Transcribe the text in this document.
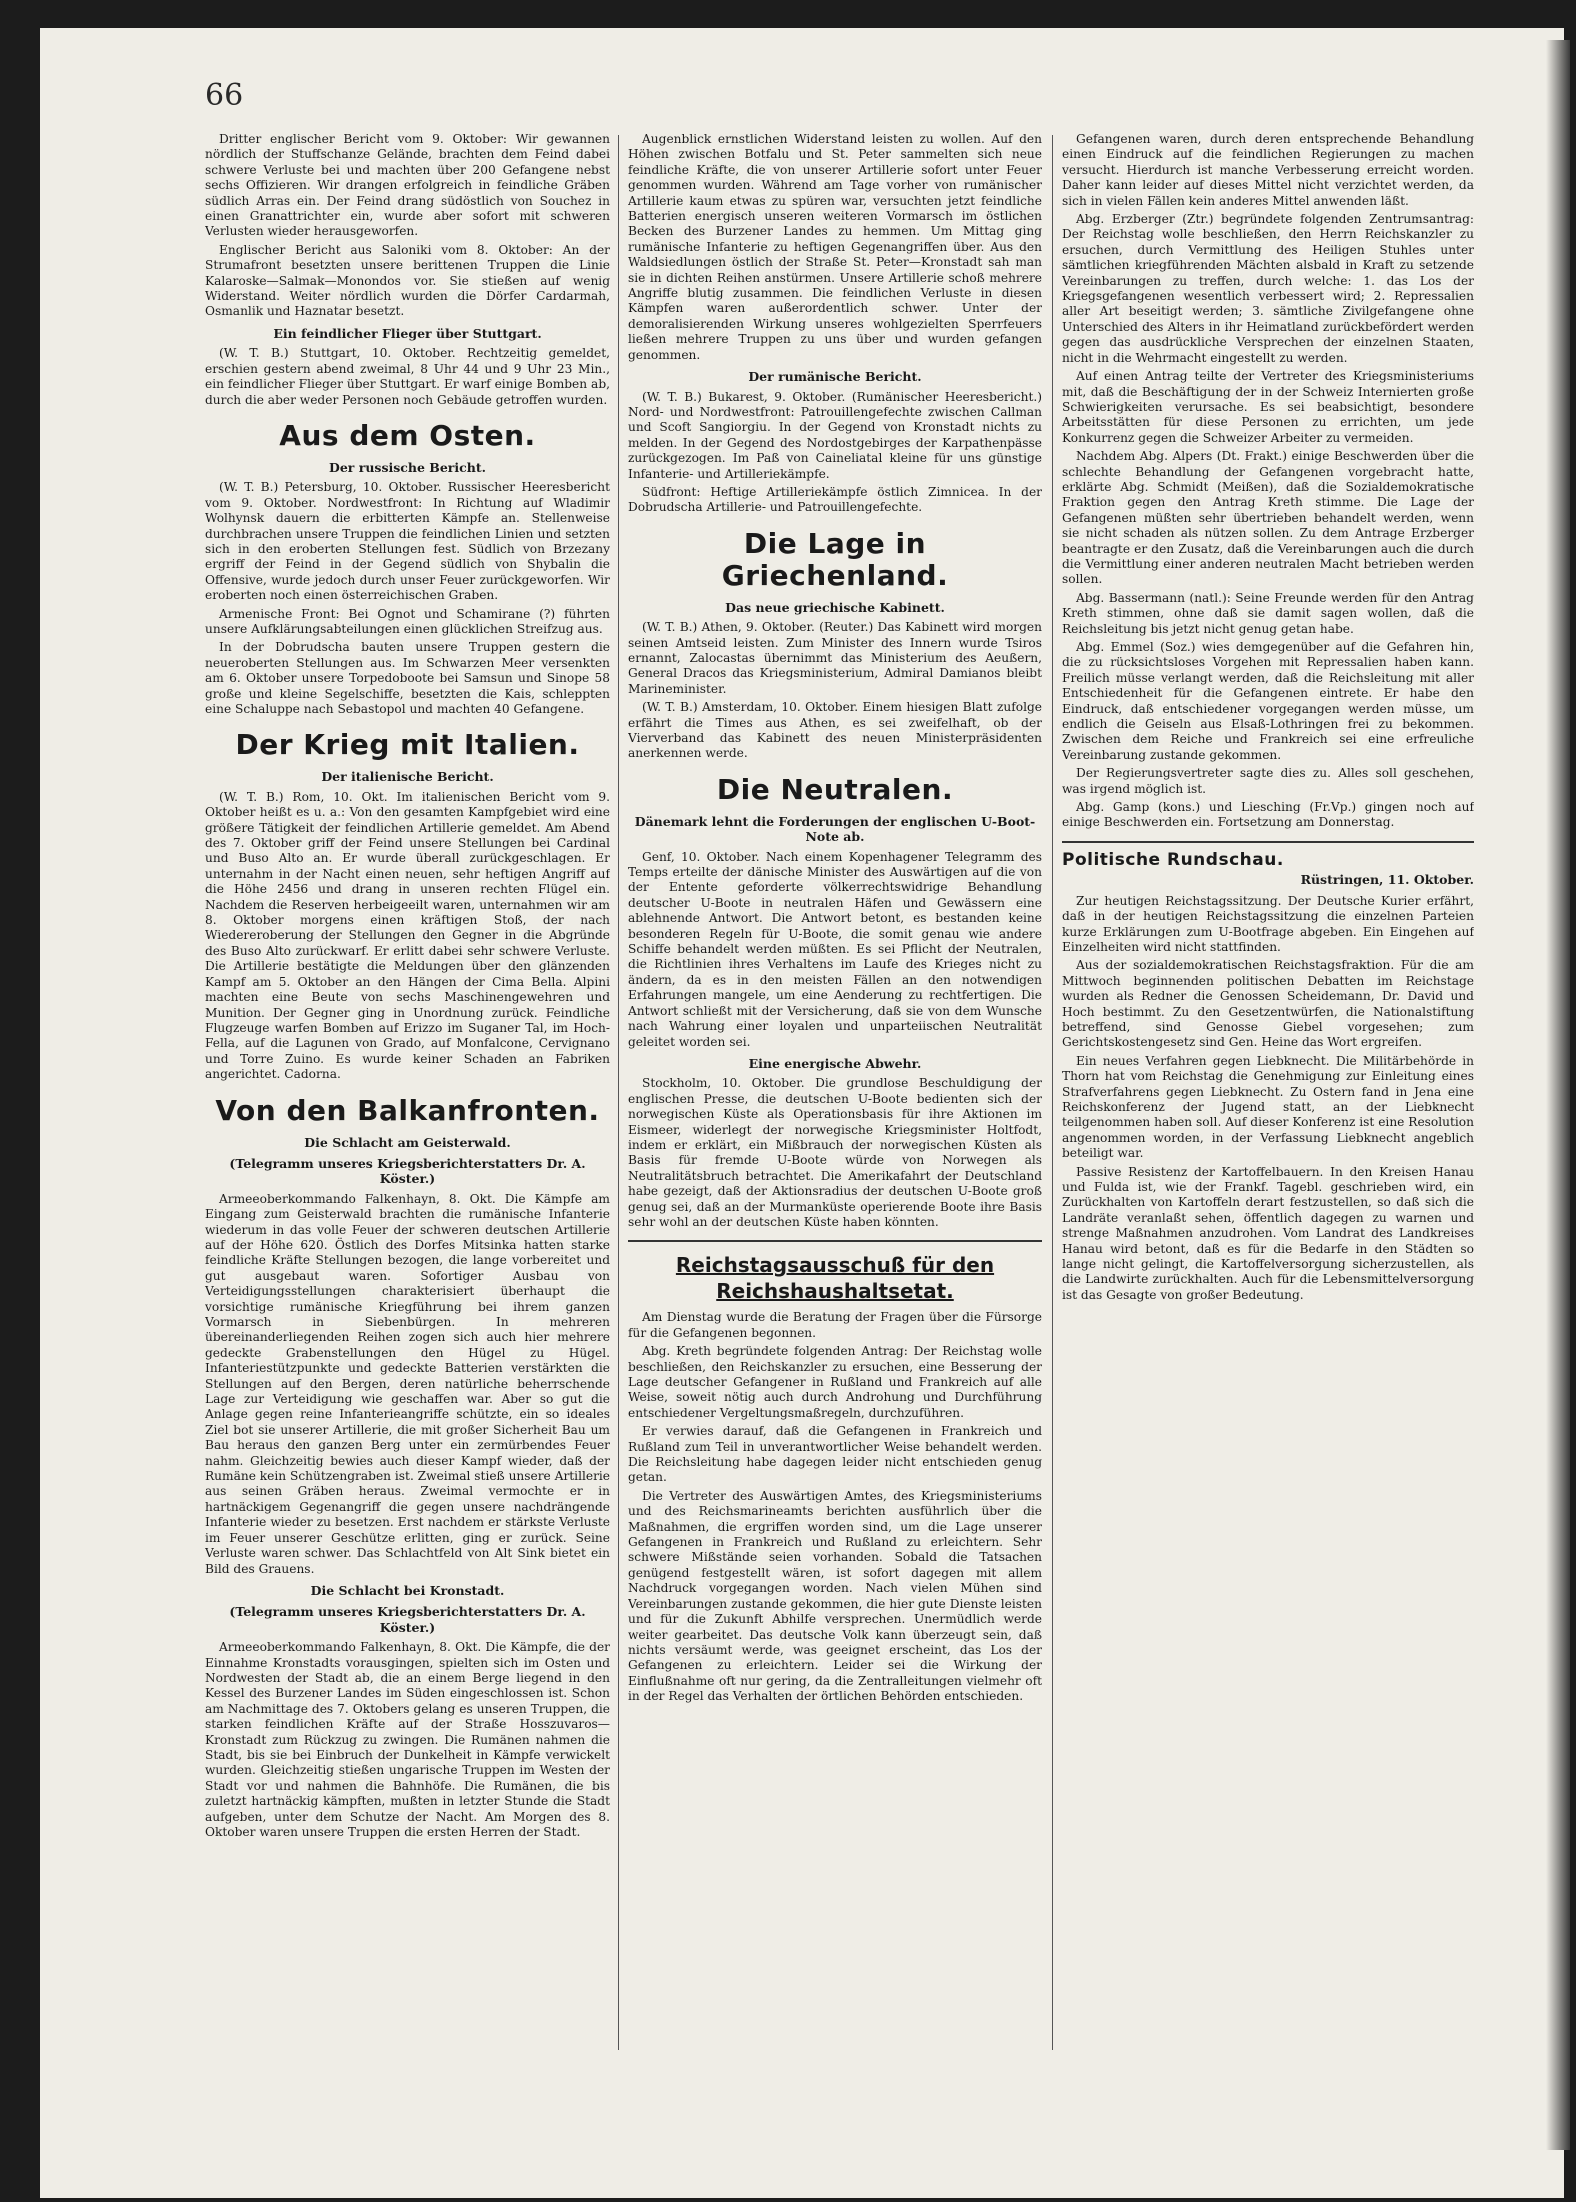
66

Dritter englischer Bericht vom 9. Oktober: Wir gewannen nördlich der Stuffschanze Gelände, brachten dem Feind dabei schwere Verluste bei und machten über 200 Gefangene nebst sechs Offizieren. Wir drangen erfolgreich in feindliche Gräben südlich Arras ein. Der Feind drang südöstlich von Souchez in einen Granattrichter ein, wurde aber sofort mit schweren Verlusten wieder herausgeworfen.

Englischer Bericht aus Saloniki vom 8. Oktober: An der Strumafront besetzten unsere berittenen Truppen die Linie Kalaroske—Salmak—Monondos vor. Sie stießen auf wenig Widerstand. Weiter nördlich wurden die Dörfer Cardarmah, Osmanlik und Haznatar besetzt.

Ein feindlicher Flieger über Stuttgart.

(W. T. B.) Stuttgart, 10. Oktober. Rechtzeitig gemeldet, erschien gestern abend zweimal, 8 Uhr 44 und 9 Uhr 23 Min., ein feindlicher Flieger über Stuttgart. Er warf einige Bomben ab, durch die aber weder Personen noch Gebäude getroffen wurden.

Aus dem Osten.
Der russische Bericht.

(W. T. B.) Petersburg, 10. Oktober. Russischer Heeresbericht vom 9. Oktober. Nordwestfront: In Richtung auf Wladimir Wolhynsk dauern die erbitterten Kämpfe an. Stellenweise durchbrachen unsere Truppen die feindlichen Linien und setzten sich in den eroberten Stellungen fest. Südlich von Brzezany ergriff der Feind in der Gegend südlich von Shybalin die Offensive, wurde jedoch durch unser Feuer zurückgeworfen. Wir eroberten noch einen österreichischen Graben.

Armenische Front: Bei Ognot und Schamirane (?) führten unsere Aufklärungsabteilungen einen glücklichen Streifzug aus.

In der Dobrudscha bauten unsere Truppen gestern die neueroberten Stellungen aus. Im Schwarzen Meer versenkten am 6. Oktober unsere Torpedoboote bei Samsun und Sinope 58 große und kleine Segelschiffe, besetzten die Kais, schleppten eine Schaluppe nach Sebastopol und machten 40 Gefangene.

Der Krieg mit Italien.
Der italienische Bericht.

(W. T. B.) Rom, 10. Okt. Im italienischen Bericht vom 9. Oktober heißt es u. a.: Von den gesamten Kampfgebiet wird eine größere Tätigkeit der feindlichen Artillerie gemeldet. Am Abend des 7. Oktober griff der Feind unsere Stellungen bei Cardinal und Buso Alto an. Er wurde überall zurückgeschlagen. Er unternahm in der Nacht einen neuen, sehr heftigen Angriff auf die Höhe 2456 und drang in unseren rechten Flügel ein. Nachdem die Reserven herbeigeeilt waren, unternahmen wir am 8. Oktober morgens einen kräftigen Stoß, der nach Wiedereroberung der Stellungen den Gegner in die Abgründe des Buso Alto zurückwarf. Er erlitt dabei sehr schwere Verluste. Die Artillerie bestätigte die Meldungen über den glänzenden Kampf am 5. Oktober an den Hängen der Cima Bella. Alpini machten eine Beute von sechs Maschinengewehren und Munition. Der Gegner ging in Unordnung zurück. Feindliche Flugzeuge warfen Bomben auf Erizzo im Suganer Tal, im Hoch-Fella, auf die Lagunen von Grado, auf Monfalcone, Cervignano und Torre Zuino. Es wurde keiner Schaden an Fabriken angerichtet. Cadorna.

Von den Balkanfronten.
Die Schlacht am Geisterwald.
(Telegramm unseres Kriegsberichterstatters Dr. A. Köster.)

Armeeoberkommando Falkenhayn, 8. Okt. Die Kämpfe am Eingang zum Geisterwald brachten die rumänische Infanterie wiederum in das volle Feuer der schweren deutschen Artillerie auf der Höhe 620. Östlich des Dorfes Mitsinka hatten starke feindliche Kräfte Stellungen bezogen, die lange vorbereitet und gut ausgebaut waren. Sofortiger Ausbau von Verteidigungsstellungen charakterisiert überhaupt die vorsichtige rumänische Kriegführung bei ihrem ganzen Vormarsch in Siebenbürgen. In mehreren übereinanderliegenden Reihen zogen sich auch hier mehrere gedeckte Grabenstellungen den Hügel zu Hügel. Infanteriestützpunkte und gedeckte Batterien verstärkten die Stellungen auf den Bergen, deren natürliche beherrschende Lage zur Verteidigung wie geschaffen war. Aber so gut die Anlage gegen reine Infanterieangriffe schützte, ein so ideales Ziel bot sie unserer Artillerie, die mit großer Sicherheit Bau um Bau heraus den ganzen Berg unter ein zermürbendes Feuer nahm. Gleichzeitig bewies auch dieser Kampf wieder, daß der Rumäne kein Schützengraben ist. Zweimal stieß unsere Artillerie aus seinen Gräben heraus. Zweimal vermochte er in hartnäckigem Gegenangriff die gegen unsere nachdrängende Infanterie wieder zu besetzen. Erst nachdem er stärkste Verluste im Feuer unserer Geschütze erlitten, ging er zurück. Seine Verluste waren schwer. Das Schlachtfeld von Alt Sink bietet ein Bild des Grauens.

Die Schlacht bei Kronstadt.
(Telegramm unseres Kriegsberichterstatters Dr. A. Köster.)

Armeeoberkommando Falkenhayn, 8. Okt. Die Kämpfe, die der Einnahme Kronstadts vorausgingen, spielten sich im Osten und Nordwesten der Stadt ab, die an einem Berge liegend in den Kessel des Burzener Landes im Süden eingeschlossen ist. Schon am Nachmittage des 7. Oktobers gelang es unseren Truppen, die starken feindlichen Kräfte auf der Straße Hosszuvaros—Kronstadt zum Rückzug zu zwingen. Die Rumänen nahmen die Stadt, bis sie bei Einbruch der Dunkelheit in Kämpfe verwickelt wurden. Gleichzeitig stießen ungarische Truppen im Westen der Stadt vor und nahmen die Bahnhöfe. Die Rumänen, die bis zuletzt hartnäckig kämpften, mußten in letzter Stunde die Stadt aufgeben, unter dem Schutze der Nacht. Am Morgen des 8. Oktober waren unsere Truppen die ersten Herren der Stadt.

Augenblick ernstlichen Widerstand leisten zu wollen. Auf den Höhen zwischen Botfalu und St. Peter sammelten sich neue feindliche Kräfte, die von unserer Artillerie sofort unter Feuer genommen wurden. Während am Tage vorher von rumänischer Artillerie kaum etwas zu spüren war, versuchten jetzt feindliche Batterien energisch unseren weiteren Vormarsch im östlichen Becken des Burzener Landes zu hemmen. Um Mittag ging rumänische Infanterie zu heftigen Gegenangriffen über. Aus den Waldsiedlungen östlich der Straße St. Peter—Kronstadt sah man sie in dichten Reihen anstürmen. Unsere Artillerie schoß mehrere Angriffe blutig zusammen. Die feindlichen Verluste in diesen Kämpfen waren außerordentlich schwer. Unter der demoralisierenden Wirkung unseres wohlgezielten Sperrfeuers ließen mehrere Truppen zu uns über und wurden gefangen genommen.

Der rumänische Bericht.

(W. T. B.) Bukarest, 9. Oktober. (Rumänischer Heeresbericht.) Nord- und Nordwestfront: Patrouillengefechte zwischen Callman und Scoft Sangiorgiu. In der Gegend von Kronstadt nichts zu melden. In der Gegend des Nordostgebirges der Karpathenpässe zurückgezogen. Im Paß von Caineliatal kleine für uns günstige Infanterie- und Artilleriekämpfe.

Südfront: Heftige Artilleriekämpfe östlich Zimnicea. In der Dobrudscha Artillerie- und Patrouillengefechte.

Die Lage in Griechenland.
Das neue griechische Kabinett.

(W. T. B.) Athen, 9. Oktober. (Reuter.) Das Kabinett wird morgen seinen Amtseid leisten. Zum Minister des Innern wurde Tsiros ernannt, Zalocastas übernimmt das Ministerium des Aeußern, General Dracos das Kriegsministerium, Admiral Damianos bleibt Marineminister.

(W. T. B.) Amsterdam, 10. Oktober. Einem hiesigen Blatt zufolge erfährt die Times aus Athen, es sei zweifelhaft, ob der Vierverband das Kabinett des neuen Ministerpräsidenten anerkennen werde.

Die Neutralen.
Dänemark lehnt die Forderungen der englischen U-Boot-Note ab.

Genf, 10. Oktober. Nach einem Kopenhagener Telegramm des Temps erteilte der dänische Minister des Auswärtigen auf die von der Entente geforderte völkerrechtswidrige Behandlung deutscher U-Boote in neutralen Häfen und Gewässern eine ablehnende Antwort. Die Antwort betont, es bestanden keine besonderen Regeln für U-Boote, die somit genau wie andere Schiffe behandelt werden müßten. Es sei Pflicht der Neutralen, die Richtlinien ihres Verhaltens im Laufe des Krieges nicht zu ändern, da es in den meisten Fällen an den notwendigen Erfahrungen mangele, um eine Aenderung zu rechtfertigen. Die Antwort schließt mit der Versicherung, daß sie von dem Wunsche nach Wahrung einer loyalen und unparteiischen Neutralität geleitet worden sei.

Eine energische Abwehr.

Stockholm, 10. Oktober. Die grundlose Beschuldigung der englischen Presse, die deutschen U-Boote bedienten sich der norwegischen Küste als Operationsbasis für ihre Aktionen im Eismeer, widerlegt der norwegische Kriegsminister Holtfodt, indem er erklärt, ein Mißbrauch der norwegischen Küsten als Basis für fremde U-Boote würde von Norwegen als Neutralitätsbruch betrachtet. Die Amerikafahrt der Deutschland habe gezeigt, daß der Aktionsradius der deutschen U-Boote groß genug sei, daß an der Murmanküste operierende Boote ihre Basis sehr wohl an der deutschen Küste haben könnten.

Reichstagsausschuß für den Reichshaushaltsetat.

Am Dienstag wurde die Beratung der Fragen über die Fürsorge für die Gefangenen begonnen.

Abg. Kreth begründete folgenden Antrag: Der Reichstag wolle beschließen, den Reichskanzler zu ersuchen, eine Besserung der Lage deutscher Gefangener in Rußland und Frankreich auf alle Weise, soweit nötig auch durch Androhung und Durchführung entschiedener Vergeltungsmaßregeln, durchzuführen.

Er verwies darauf, daß die Gefangenen in Frankreich und Rußland zum Teil in unverantwortlicher Weise behandelt werden. Die Reichsleitung habe dagegen leider nicht entschieden genug getan.

Die Vertreter des Auswärtigen Amtes, des Kriegsministeriums und des Reichsmarineamts berichten ausführlich über die Maßnahmen, die ergriffen worden sind, um die Lage unserer Gefangenen in Frankreich und Rußland zu erleichtern. Sehr schwere Mißstände seien vorhanden. Sobald die Tatsachen genügend festgestellt wären, ist sofort dagegen mit allem Nachdruck vorgegangen worden. Nach vielen Mühen sind Vereinbarungen zustande gekommen, die hier gute Dienste leisten und für die Zukunft Abhilfe versprechen. Unermüdlich werde weiter gearbeitet. Das deutsche Volk kann überzeugt sein, daß nichts versäumt werde, was geeignet erscheint, das Los der Gefangenen zu erleichtern. Leider sei die Wirkung der Einflußnahme oft nur gering, da die Zentralleitungen vielmehr oft in der Regel das Verhalten der örtlichen Behörden entschieden.

Gefangenen waren, durch deren entsprechende Behandlung einen Eindruck auf die feindlichen Regierungen zu machen versucht. Hierdurch ist manche Verbesserung erreicht worden. Daher kann leider auf dieses Mittel nicht verzichtet werden, da sich in vielen Fällen kein anderes Mittel anwenden läßt.

Abg. Erzberger (Ztr.) begründete folgenden Zentrumsantrag: Der Reichstag wolle beschließen, den Herrn Reichskanzler zu ersuchen, durch Vermittlung des Heiligen Stuhles unter sämtlichen kriegführenden Mächten alsbald in Kraft zu setzende Vereinbarungen zu treffen, durch welche: 1. das Los der Kriegsgefangenen wesentlich verbessert wird; 2. Repressalien aller Art beseitigt werden; 3. sämtliche Zivilgefangene ohne Unterschied des Alters in ihr Heimatland zurückbefördert werden gegen das ausdrückliche Versprechen der einzelnen Staaten, nicht in die Wehrmacht eingestellt zu werden.

Auf einen Antrag teilte der Vertreter des Kriegsministeriums mit, daß die Beschäftigung der in der Schweiz Internierten große Schwierigkeiten verursache. Es sei beabsichtigt, besondere Arbeitsstätten für diese Personen zu errichten, um jede Konkurrenz gegen die Schweizer Arbeiter zu vermeiden.

Nachdem Abg. Alpers (Dt. Frakt.) einige Beschwerden über die schlechte Behandlung der Gefangenen vorgebracht hatte, erklärte Abg. Schmidt (Meißen), daß die Sozialdemokratische Fraktion gegen den Antrag Kreth stimme. Die Lage der Gefangenen müßten sehr übertrieben behandelt werden, wenn sie nicht schaden als nützen sollen. Zu dem Antrage Erzberger beantragte er den Zusatz, daß die Vereinbarungen auch die durch die Vermittlung einer anderen neutralen Macht betrieben werden sollen.

Abg. Bassermann (natl.): Seine Freunde werden für den Antrag Kreth stimmen, ohne daß sie damit sagen wollen, daß die Reichsleitung bis jetzt nicht genug getan habe.

Abg. Emmel (Soz.) wies demgegenüber auf die Gefahren hin, die zu rücksichtsloses Vorgehen mit Repressalien haben kann. Freilich müsse verlangt werden, daß die Reichsleitung mit aller Entschiedenheit für die Gefangenen eintrete. Er habe den Eindruck, daß entschiedener vorgegangen werden müsse, um endlich die Geiseln aus Elsaß-Lothringen frei zu bekommen. Zwischen dem Reiche und Frankreich sei eine erfreuliche Vereinbarung zustande gekommen.

Der Regierungsvertreter sagte dies zu. Alles soll geschehen, was irgend möglich ist.

Abg. Gamp (kons.) und Liesching (Fr.Vp.) gingen noch auf einige Beschwerden ein. Fortsetzung am Donnerstag.

Politische Rundschau.
Rüstringen, 11. Oktober.

Zur heutigen Reichstagssitzung. Der Deutsche Kurier erfährt, daß in der heutigen Reichstagssitzung die einzelnen Parteien kurze Erklärungen zum U-Bootfrage abgeben. Ein Eingehen auf Einzelheiten wird nicht stattfinden.

Aus der sozialdemokratischen Reichstagsfraktion. Für die am Mittwoch beginnenden politischen Debatten im Reichstage wurden als Redner die Genossen Scheidemann, Dr. David und Hoch bestimmt. Zu den Gesetzentwürfen, die Nationalstiftung betreffend, sind Genosse Giebel vorgesehen; zum Gerichtskostengesetz sind Gen. Heine das Wort ergreifen.

Ein neues Verfahren gegen Liebknecht. Die Militärbehörde in Thorn hat vom Reichstag die Genehmigung zur Einleitung eines Strafverfahrens gegen Liebknecht. Zu Ostern fand in Jena eine Reichskonferenz der Jugend statt, an der Liebknecht teilgenommen haben soll. Auf dieser Konferenz ist eine Resolution angenommen worden, in der Verfassung Liebknecht angeblich beteiligt war.

Passive Resistenz der Kartoffelbauern. In den Kreisen Hanau und Fulda ist, wie der Frankf. Tagebl. geschrieben wird, ein Zurückhalten von Kartoffeln derart festzustellen, so daß sich die Landräte veranlaßt sehen, öffentlich dagegen zu warnen und strenge Maßnahmen anzudrohen. Vom Landrat des Landkreises Hanau wird betont, daß es für die Bedarfe in den Städten so lange nicht gelingt, die Kartoffelversorgung sicherzustellen, als die Landwirte zurückhalten. Auch für die Lebensmittelversorgung ist das Gesagte von großer Bedeutung.
